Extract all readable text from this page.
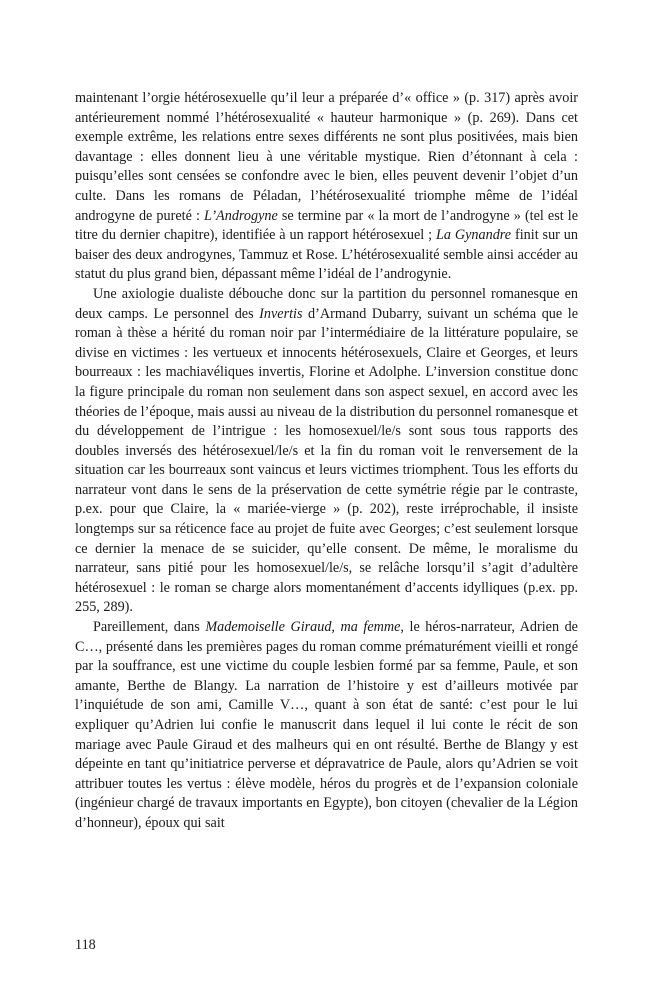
maintenant l’orgie hétérosexuelle qu’il leur a préparée d’« office » (p. 317) après avoir antérieurement nommé l’hétérosexualité « hauteur harmonique » (p. 269). Dans cet exemple extrême, les relations entre sexes différents ne sont plus positivées, mais bien davantage : elles donnent lieu à une véritable mystique. Rien d’étonnant à cela : puisqu’elles sont censées se confondre avec le bien, elles peuvent devenir l’objet d’un culte. Dans les romans de Péladan, l’hétérosexualité triomphe même de l’idéal androgyne de pureté : L’Androgyne se termine par « la mort de l’androgyne » (tel est le titre du dernier chapitre), identifiée à un rapport hétérosexuel ; La Gynandre finit sur un baiser des deux androgynes, Tammuz et Rose. L’hétérosexualité semble ainsi accéder au statut du plus grand bien, dépassant même l’idéal de l’androgynie.

Une axiologie dualiste débouche donc sur la partition du personnel romanesque en deux camps. Le personnel des Invertis d’Armand Dubarry, suivant un schéma que le roman à thèse a hérité du roman noir par l’intermédiaire de la littérature populaire, se divise en victimes : les vertueux et innocents hétérosexuels, Claire et Georges, et leurs bourreaux : les machiavéliques invertis, Florine et Adolphe. L’inversion constitue donc la figure principale du roman non seulement dans son aspect sexuel, en accord avec les théories de l’époque, mais aussi au niveau de la distribution du personnel romanesque et du développement de l’intrigue : les homosexuel/le/s sont sous tous rapports des doubles inversés des hétérosexuel/le/s et la fin du roman voit le renversement de la situation car les bourreaux sont vaincus et leurs victimes triomphent. Tous les efforts du narrateur vont dans le sens de la préservation de cette symétrie régie par le contraste, p.ex. pour que Claire, la « mariée-vierge » (p. 202), reste irréprochable, il insiste longtemps sur sa réticence face au projet de fuite avec Georges; c’est seulement lorsque ce dernier la menace de se suicider, qu’elle consent. De même, le moralisme du narrateur, sans pitié pour les homosexuel/le/s, se relâche lorsqu’il s’agit d’adultère hétérosexuel : le roman se charge alors momentanément d’accents idylliques (p.ex. pp. 255, 289).

Pareillement, dans Mademoiselle Giraud, ma femme, le héros-narrateur, Adrien de C…, présenté dans les premières pages du roman comme prématurément vieilli et rongé par la souffrance, est une victime du couple lesbien formé par sa femme, Paule, et son amante, Berthe de Blangy. La narration de l’histoire y est d’ailleurs motivée par l’inquiétude de son ami, Camille V…, quant à son état de santé: c’est pour le lui expliquer qu’Adrien lui confie le manuscrit dans lequel il lui conte le récit de son mariage avec Paule Giraud et des malheurs qui en ont résulté. Berthe de Blangy y est dépeinte en tant qu’initiatrice perverse et dépravatrice de Paule, alors qu’Adrien se voit attribuer toutes les vertus : élève modèle, héros du progrès et de l’expansion coloniale (ingénieur chargé de travaux importants en Egypte), bon citoyen (chevalier de la Légion d’honneur), époux qui sait

118
